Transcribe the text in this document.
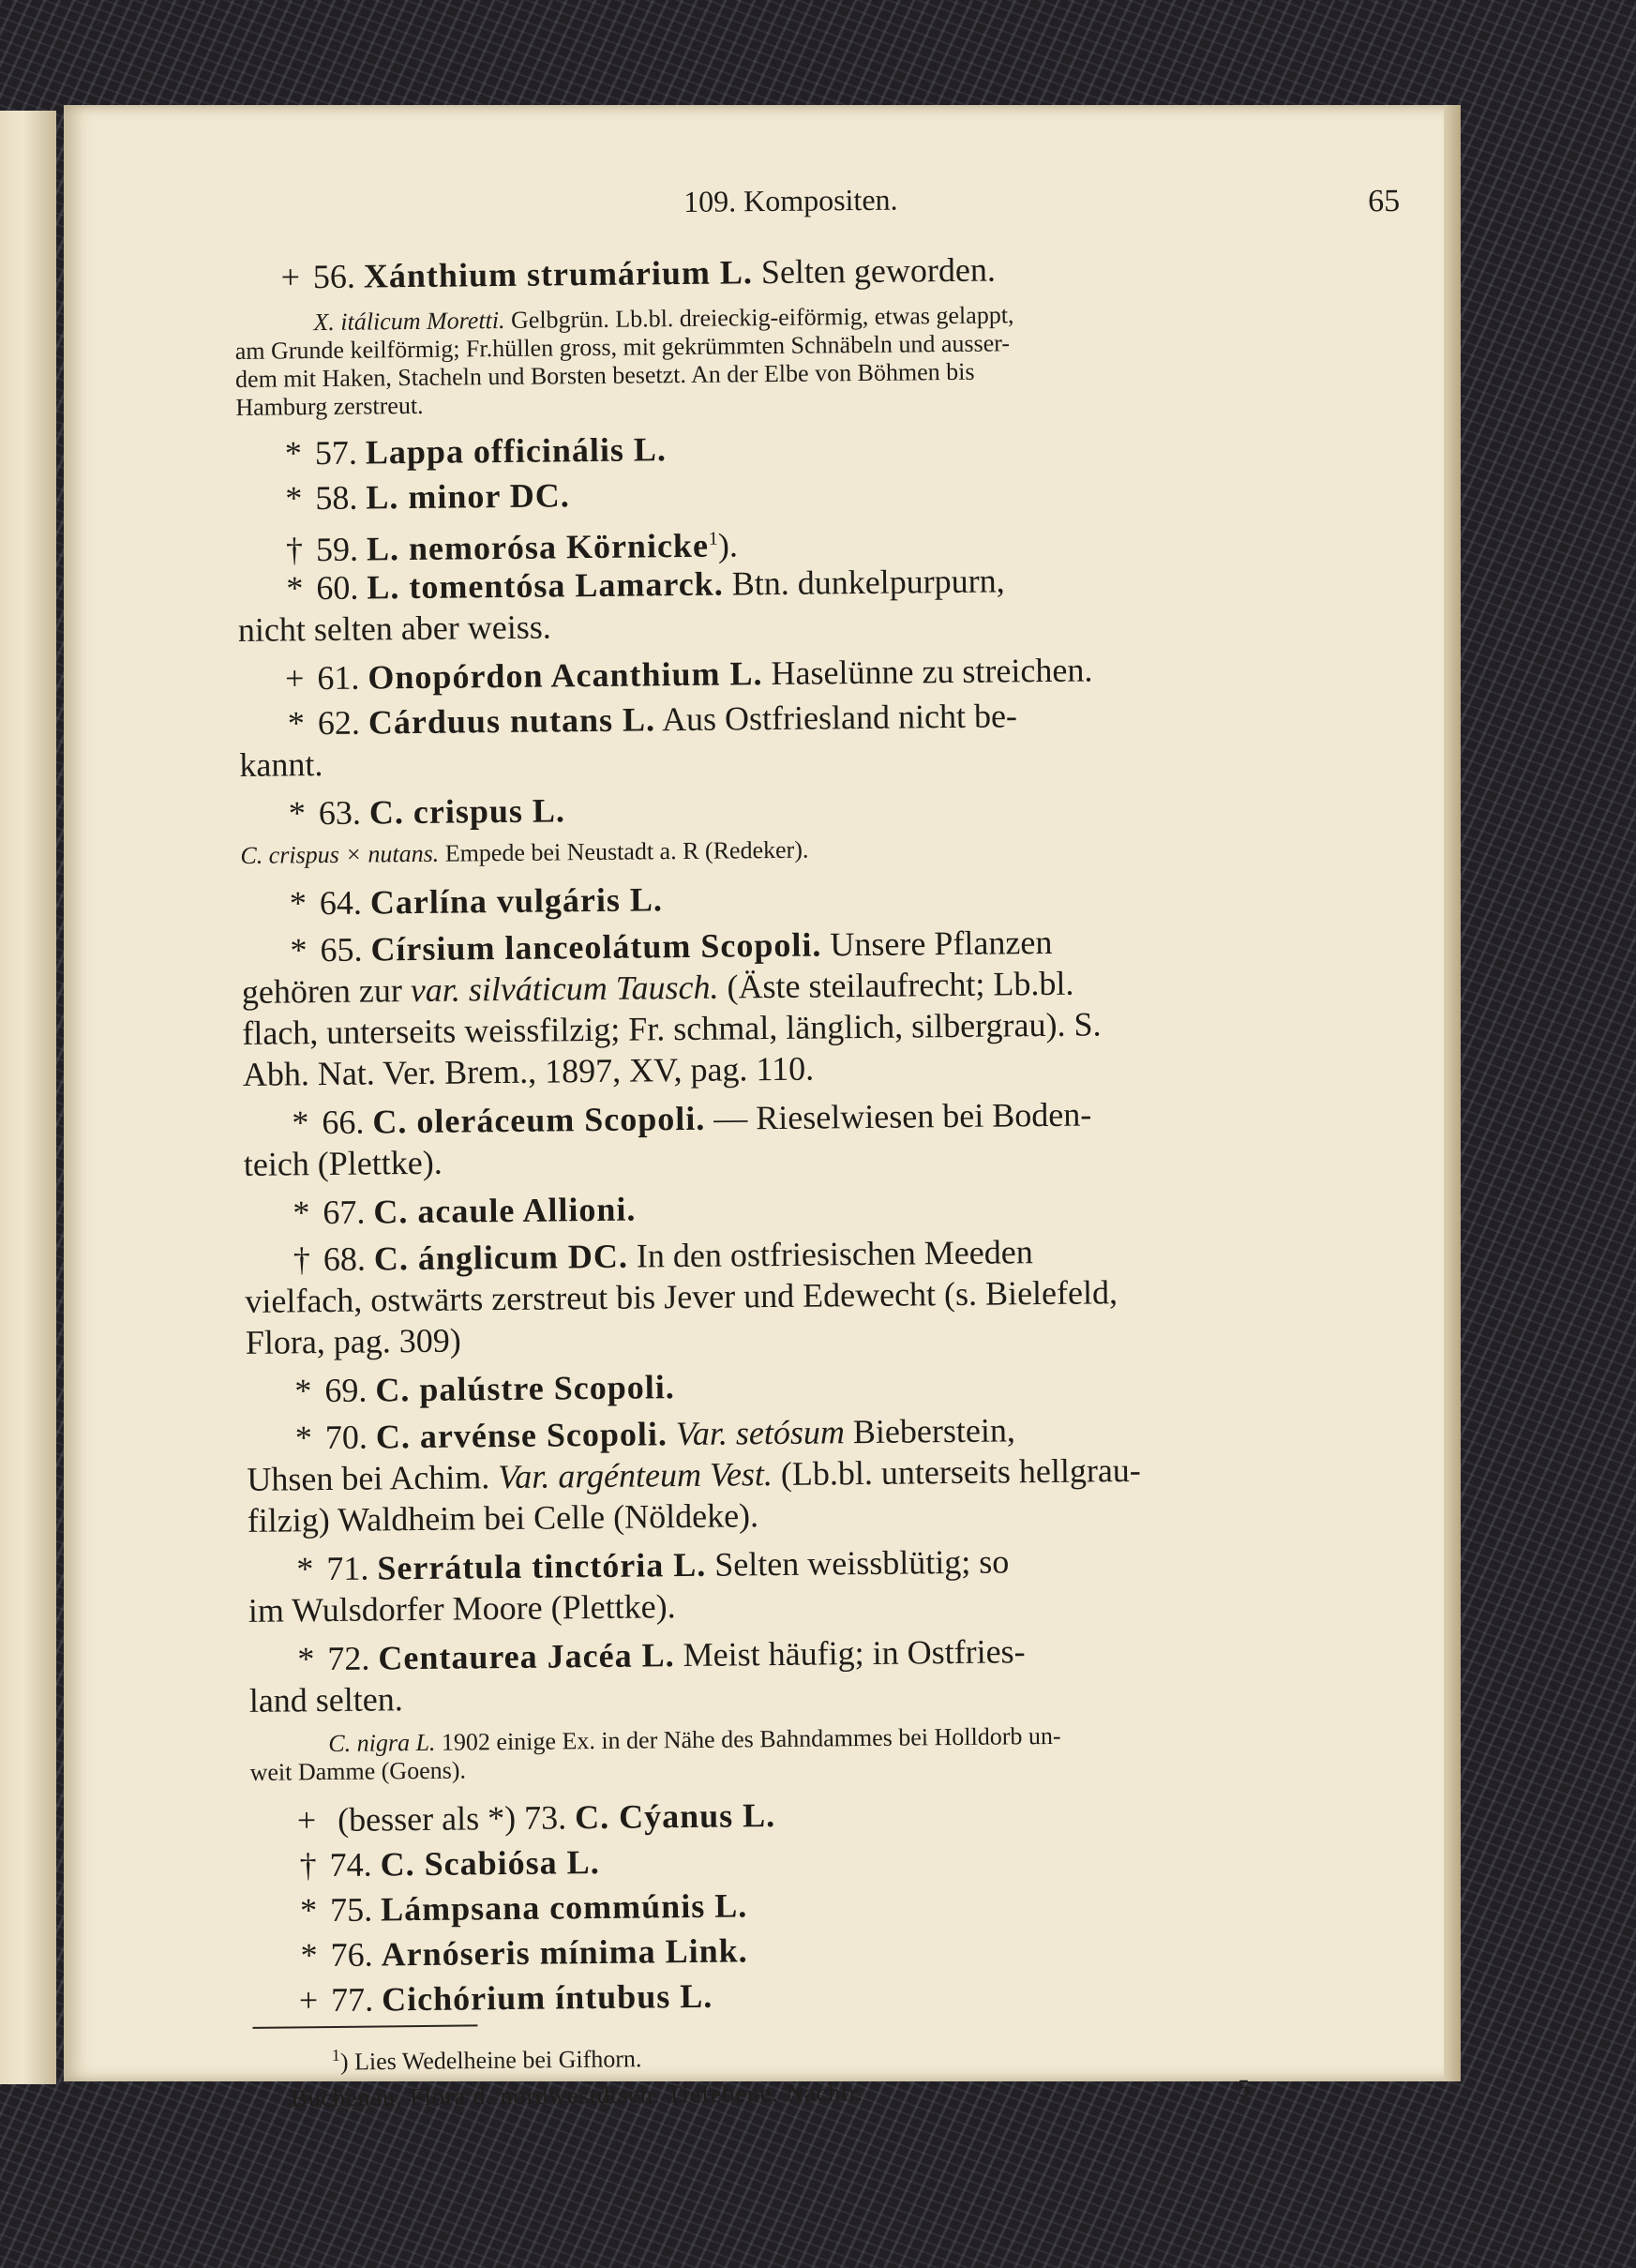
109. Kompositen.	65
+ 56. Xánthium strumárium L. Selten geworden.
X. itálicum Moretti. Gelbgrün. Lb.bl. dreieckig-eiförmig, etwas gelappt,
am Grunde keilförmig; Fr.hüllen gross, mit gekrümmten Schnäbeln und ausser-
dem mit Haken, Stacheln und Borsten besetzt. An der Elbe von Böhmen bis
Hamburg zerstreut.
* 57. Lappa officinális L.
* 58. L. minor DC.
† 59. L. nemorósa Körnicke$^1$).
* 60. L. tomentósa Lamarck. Btn. dunkelpurpurn,
nicht selten aber weiss.
+ 61. Onopórdon Acanthium L. Haselünne zu streichen.
* 62. Cárduus nutans L. Aus Ostfriesland nicht be-
kannt.
* 63. C. crispus L.
C. crispus × nutans. Empede bei Neustadt a. R (Redeker).
* 64. Carlína vulgáris L.
* 65. Círsium lanceolátum Scopoli. Unsere Pflanzen
gehören zur var. silváticum Tausch. (Äste steilaufrecht; Lb.bl.
flach, unterseits weissfilzig; Fr. schmal, länglich, silbergrau). S.
Abh. Nat. Ver. Brem., 1897, XV, pag. 110.
* 66. C. oleráceum Scopoli. — Rieselwiesen bei Boden-
teich (Plettke).
* 67. C. acaule Allioni.
† 68. C. ánglicum DC. In den ostfriesischen Meeden
vielfach, ostwärts zerstreut bis Jever und Edewecht (s. Bielefeld,
Flora, pag. 309)
* 69. C. palústre Scopoli.
* 70. C. arvénse Scopoli. Var. setósum Bieberstein,
Uhsen bei Achim. Var. argénteum Vest. (Lb.bl. unterseits hellgrau-
filzig) Waldheim bei Celle (Nöldeke).
* 71. Serrátula tinctória L. Selten weissblütig; so
im Wulsdorfer Moore (Plettke).
* 72. Centaurea Jacéa L. Meist häufig; in Ostfries-
land selten.
C. nigra L. 1902 einige Ex. in der Nähe des Bahndammes bei Holldorb un-
weit Damme (Goens).
+ (besser als *) 73. C. Cýanus L.
† 74. C. Scabiósa L.
* 75. Lámpsana commúnis L.
* 76. Arnóseris mínima Link.
+ 77. Cichórium íntubus L.
$^1$) Lies Wedelheine bei Gifhorn.
Buchenau, Flora d. nordwestdtsch. Tiefebene. Nachtr.	5
